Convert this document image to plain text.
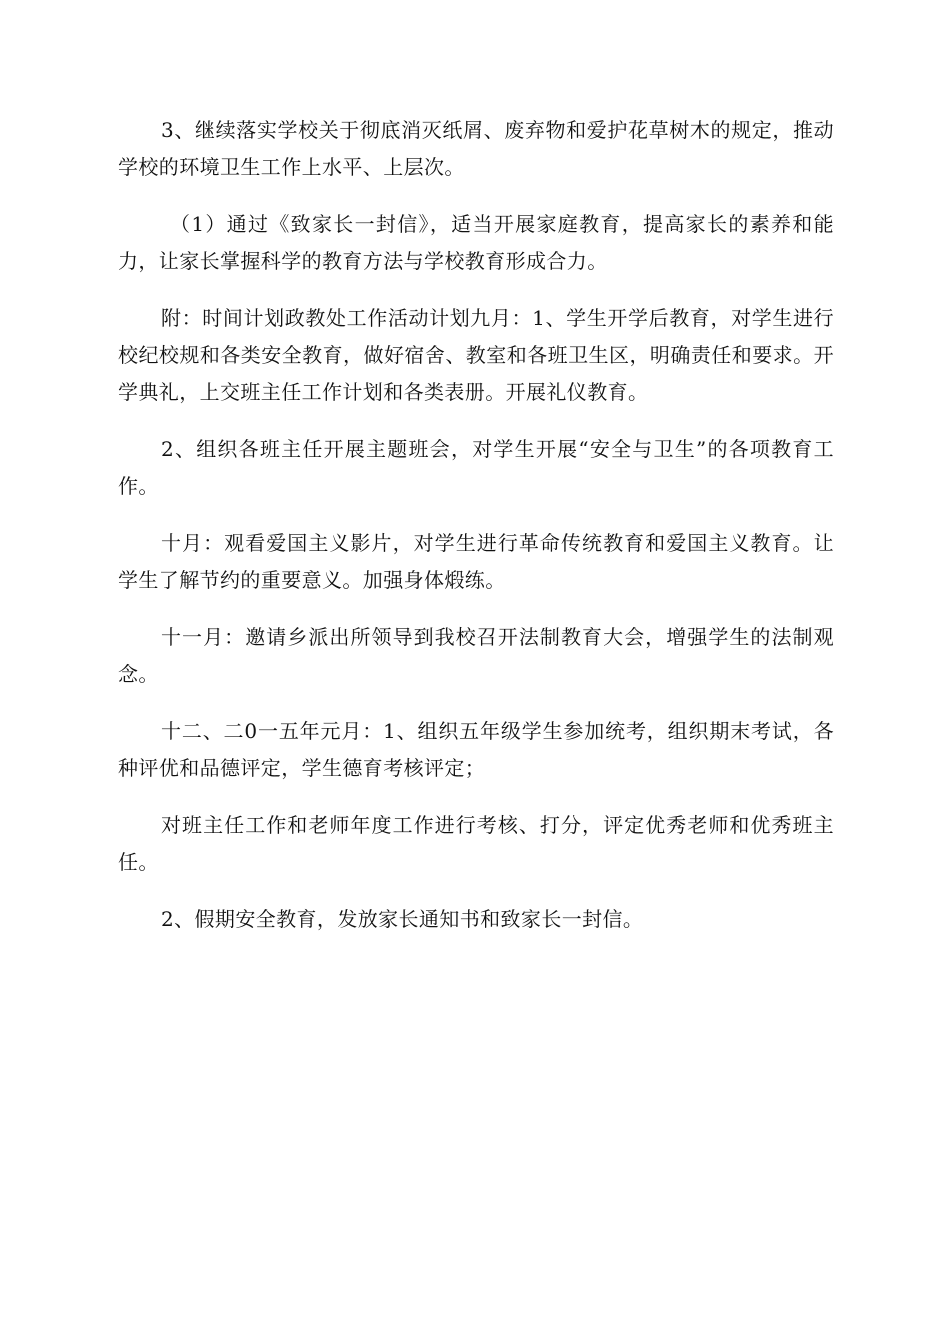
3、继续落实学校关于彻底消灭纸屑、废弃物和爱护花草树木的规定，推动学校的环境卫生工作上水平、上层次。

（1）通过《致家长一封信》，适当开展家庭教育，提高家长的素养和能力，让家长掌握科学的教育方法与学校教育形成合力。

附：时间计划政教处工作活动计划九月：1、学生开学后教育，对学生进行校纪校规和各类安全教育，做好宿舍、教室和各班卫生区，明确责任和要求。开学典礼，上交班主任工作计划和各类表册。开展礼仪教育。

2、组织各班主任开展主题班会，对学生开展“安全与卫生”的各项教育工作。

十月：观看爱国主义影片，对学生进行革命传统教育和爱国主义教育。让学生了解节约的重要意义。加强身体煅练。

十一月：邀请乡派出所领导到我校召开法制教育大会，增强学生的法制观念。

十二、二0一五年元月：1、组织五年级学生参加统考，组织期末考试，各种评优和品德评定，学生德育考核评定；

对班主任工作和老师年度工作进行考核、打分，评定优秀老师和优秀班主任。

2、假期安全教育，发放家长通知书和致家长一封信。
